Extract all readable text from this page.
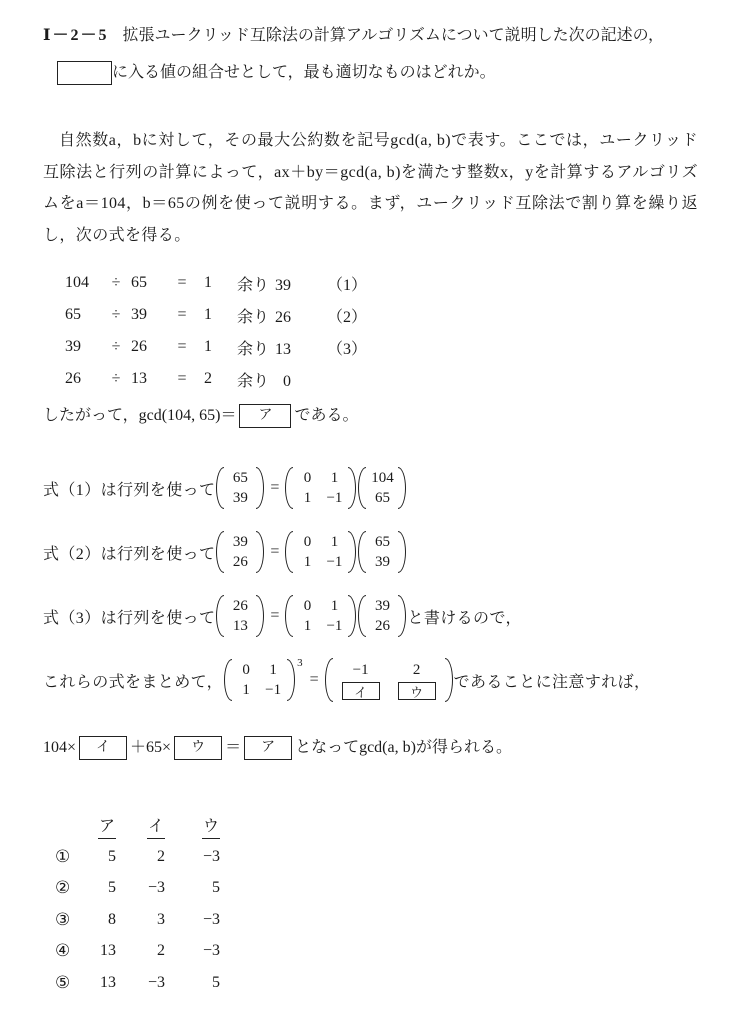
Ⅰ－2－5 拡張ユークリッド互除法の計算アルゴリズムについて説明した次の記述の，
に入る値の組合せとして，最も適切なものはどれか。

自然数a，bに対して，その最大公約数を記号gcd(a, b)で表す。ここでは，ユークリッド互除法と行列の計算によって，ax＋by＝gcd(a, b)を満たす整数x，yを計算するアルゴリズムをa＝104，b＝65の例を使って説明する。まず，ユークリッド互除法で割り算を繰り返し，次の式を得る。

104	÷ 65	=	1	余り 39	（1）
65	÷ 39	=	1	余り 26	（2）
39	÷ 26	=	1	余り 13	（3）
26	÷ 13	=	2	余り 0
したがって，gcd(104, 65)＝	ア	である。
式（1）は行列を使って
65
39
=
0	1
1	−1
104
65
式（2）は行列を使って
39
26
=
0	1
1	−1
65
39
式（3）は行列を使って
26
13
=
0	1
1	−1
39
26	と書けるので，
これらの式をまとめて，
0	1
1	−1
$^3$
=
−1	2
イ	ウ
であることに注意すれば，
104×	イ	＋65×	ウ	＝	ア	となってgcd(a, b)が得られる。
ア	イ	ウ
①	5	2	−3
②	5	−3	5
③	8	3	−3
④	13	2	−3
⑤	13	−3	5
